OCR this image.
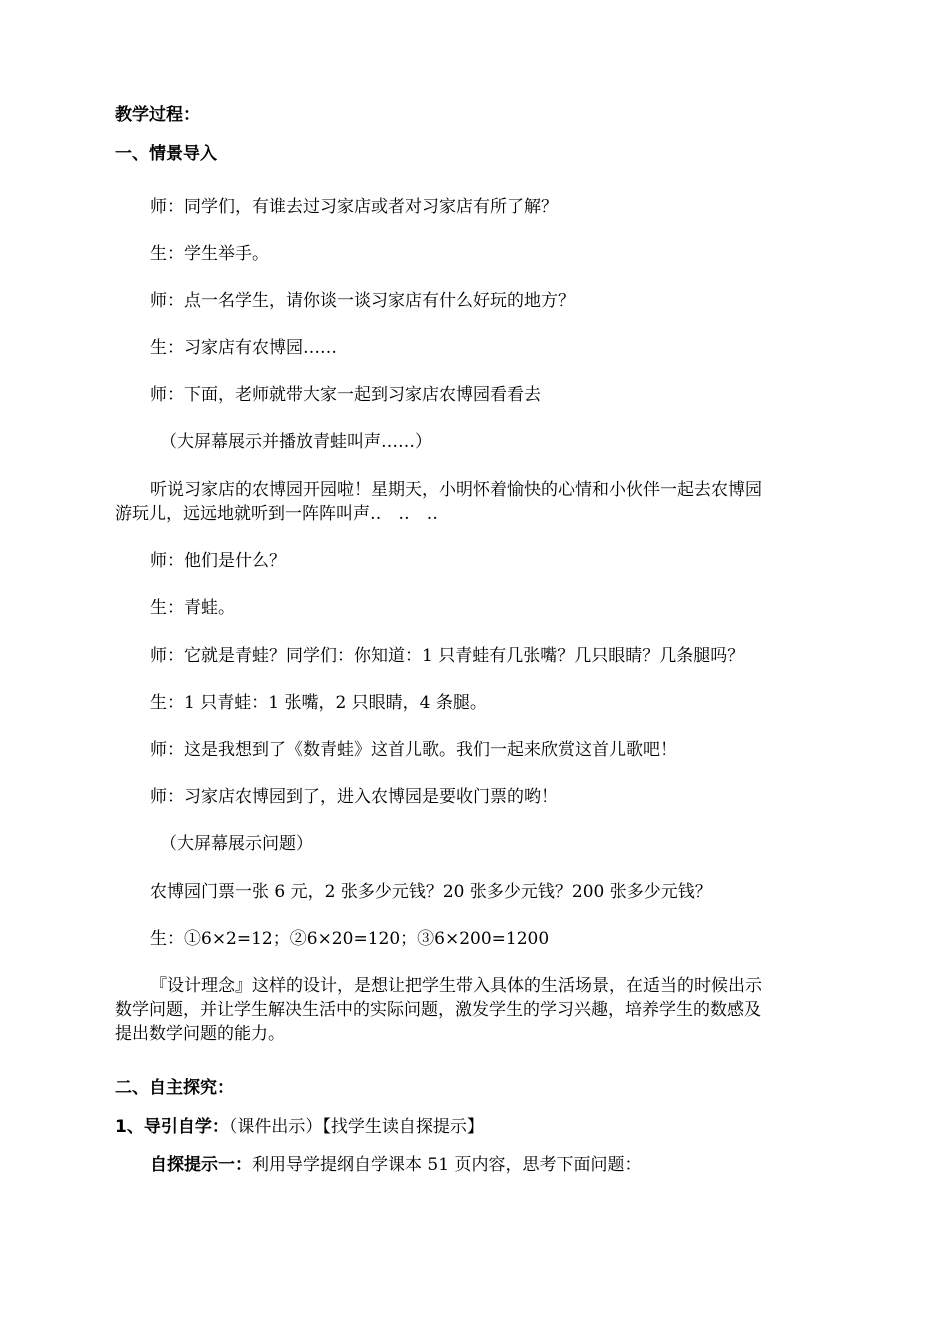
教学过程：
一、情景导入
师：同学们，有谁去过习家店或者对习家店有所了解？
生：学生举手。
师：点一名学生，请你谈一谈习家店有什么好玩的地方？
生：习家店有农博园……
师：下面，老师就带大家一起到习家店农博园看看去
（大屏幕展示并播放青蛙叫声……）
听说习家店的农博园开园啦！星期天，小明怀着愉快的心情和小伙伴一起去农博园
游玩儿，远远地就听到一阵阵叫声‥　‥　‥
师：他们是什么？
生：青蛙。
师：它就是青蛙？同学们：你知道：1 只青蛙有几张嘴？几只眼睛？几条腿吗？
生：1 只青蛙：1 张嘴，2 只眼睛，4 条腿。
师：这是我想到了《数青蛙》这首儿歌。我们一起来欣赏这首儿歌吧！
师：习家店农博园到了，进入农博园是要收门票的哟！
（大屏幕展示问题）
农博园门票一张 6 元，2 张多少元钱？20 张多少元钱？200 张多少元钱？
生：①6×2=12；②6×20=120；③6×200=1200
『设计理念』这样的设计，是想让把学生带入具体的生活场景，在适当的时候出示
数学问题，并让学生解决生活中的实际问题，激发学生的学习兴趣，培养学生的数感及
提出数学问题的能力。
二、自主探究：
1、导引自学：（课件出示）【找学生读自探提示】
自探提示一：利用导学提纲自学课本 51 页内容，思考下面问题：
